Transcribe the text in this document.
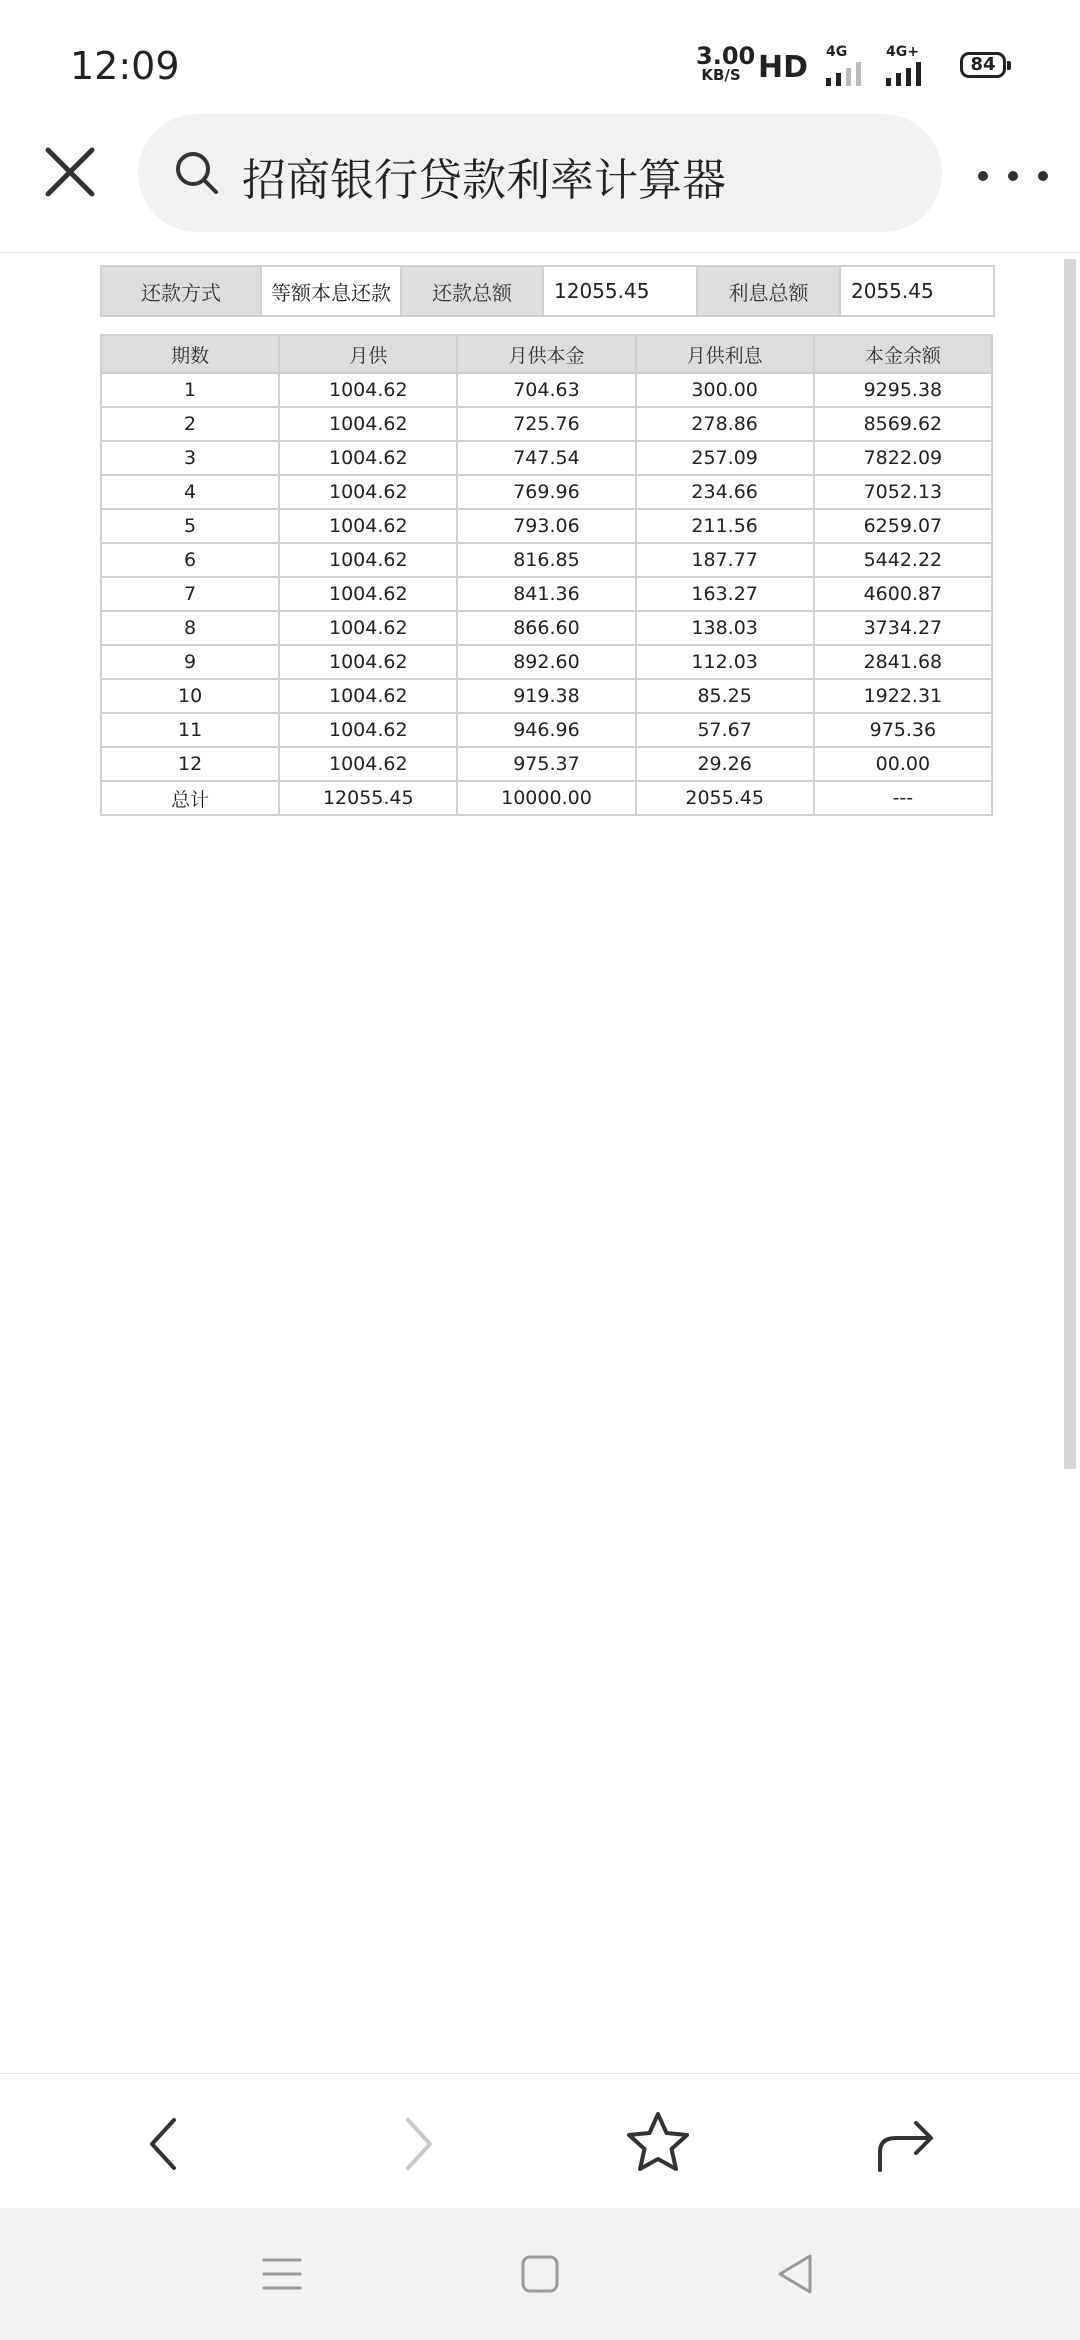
12:09	3.00
KB/S HD 4G	4G+
84
招商银行贷款利率计算器
还款方式	等额本息还款	还款总额	12055.45	利息总额	2055.45
期数	月供	月供本金	月供利息	本金余额
1	1004.62	704.63	300.00	9295.38
2	1004.62	725.76	278.86	8569.62
3	1004.62	747.54	257.09	7822.09
4	1004.62	769.96	234.66	7052.13
5	1004.62	793.06	211.56	6259.07
6	1004.62	816.85	187.77	5442.22
7	1004.62	841.36	163.27	4600.87
8	1004.62	866.60	138.03	3734.27
9	1004.62	892.60	112.03	2841.68
10	1004.62	919.38	85.25	1922.31
11	1004.62	946.96	57.67	975.36
12	1004.62	975.37	29.26	00.00
总计	12055.45	10000.00	2055.45	---
